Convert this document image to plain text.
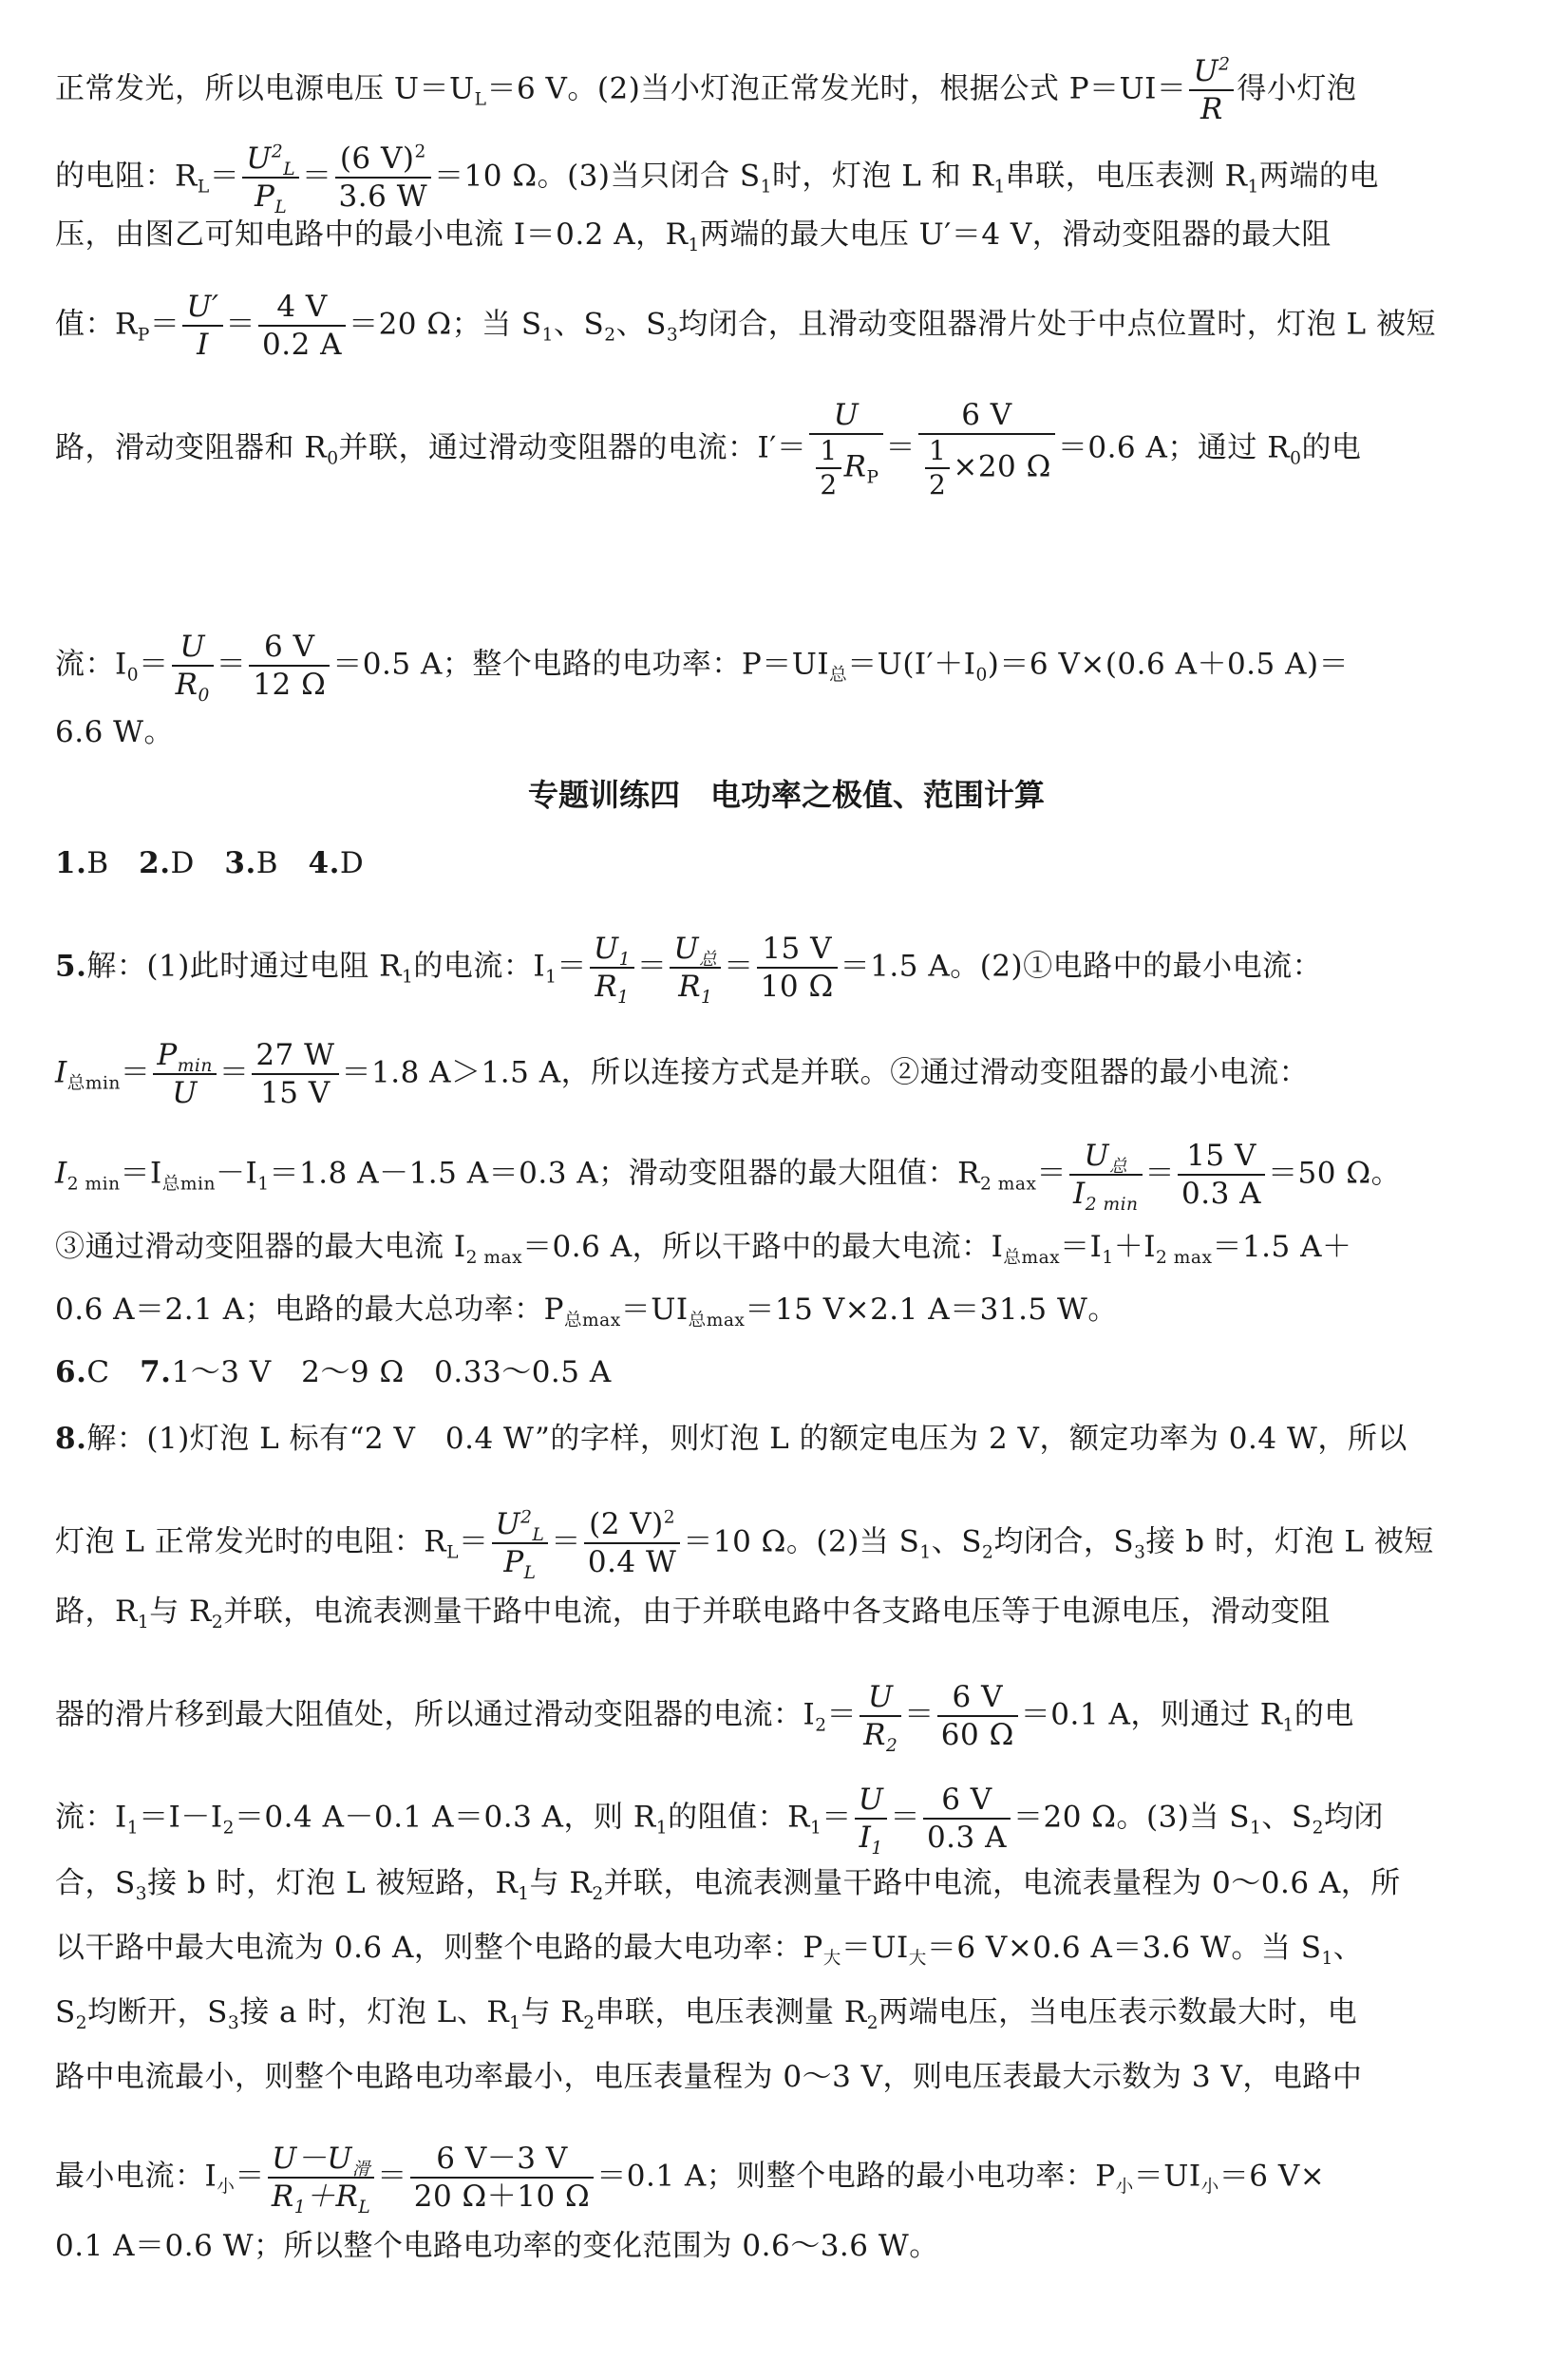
正常发光，所以电源电压 $U=U_L=6$ V。(2)当小灯泡正常发光时，根据公式 $P=UI= \frac{U^2}{R}$ 得小灯泡
的电阻：$R_L= \frac{U^2_L}{P_L} = \frac{(6 V)^2}{3.6 W} =10$ Ω。(3)当只闭合 $S_1$时，灯泡 L 和 $R_1$串联，电压表测 $R_1$两端的电
压，由图乙可知电路中的最小电流 I＝0.2 A，$R_1$两端的最大电压 U′＝4 V，滑动变阻器的最大阻
值：$R_P= \frac{U'}{I} = \frac{4 V}{0.2 A} =20$ Ω；当 $S_1$、$S_2$、$S_3$均闭合，且滑动变阻器滑片处于中点位置时，灯泡 L 被短
路，滑动变阻器和 $R_0$并联，通过滑动变阻器的电流：$I'= \frac{U}{\frac{1}{2} R_P} = \frac{6 V}{\frac{1}{2} \times 20 \Omega} =0.6$ A；通过 $R_0$的电
流：$I_0= \frac{U}{R_0} = \frac{6 V}{12 \Omega} =0.5$ A；整个电路的电功率：$P=UI_总=U(I'+I_0)=6$ V×(0.6 A＋0.5 A)＝
6.6 W。
专题训练四　电功率之极值、范围计算
1.B　 2.D　 3.B　 4.D
5.解：(1)此时通过电阻 $R_1$的电流：$I_1= \frac{U_1}{R_1}$ ＝
$U_总$
$R_1$
＝ $\frac{15 V}{10 \Omega} =1.5$ A。(2)①电路中的最小电流：
$I_{总min}=$
$P_{min}$
U
＝ $\frac{27 W}{15 V} =1.8$ A＞1.5 A，所以连接方式是并联。②通过滑动变阻器的最小电流：
$I_{2 min}=I_{总min}-I_1=1.8$ A－1.5 A＝0.3 A；滑动变阻器的最大阻值：$R_{2 max}=$
$U_总$
$I_{2 min}$
＝ $\frac{15 V}{0.3 A} =50$ Ω。
③通过滑动变阻器的最大电流 $I_{2 max}=0.6$ A，所以干路中的最大电流：$I_{总max}=I_1+I_{2 max}=1.5$ A＋
0.6 A＝2.1 A；电路的最大总功率：$P_{总max}=UI_{总max}=15$ V×2.1 A＝31.5 W。
6.C　 7.1～3 V　2～9 Ω　0.33～0.5 A
8.解：(1)灯泡 L 标有“2 V　0.4 W”的字样，则灯泡 L 的额定电压为 2 V，额定功率为 0.4 W，所以
灯泡 L 正常发光时的电阻：$R_L= \frac{U^2_L}{P_L} = \frac{(2 V)^2}{0.4 W} =10$ Ω。(2)当 $S_1$、$S_2$均闭合，$S_3$接 b 时，灯泡 L 被短
路，$R_1$与 $R_2$并联，电流表测量干路中电流，由于并联电路中各支路电压等于电源电压，滑动变阻
器的滑片移到最大阻值处，所以通过滑动变阻器的电流：$I_2= \frac{U}{R_2} = \frac{6 V}{60 \Omega} =0.1$ A，则通过 $R_1$的电
流：$I_1=I-I_2=0.4$ A－0.1 A＝0.3 A，则 $R_1$的阻值：$R_1= \frac{U}{I_1} = \frac{6 V}{0.3 A} =20$ Ω。(3)当 $S_1$、$S_2$均闭
合，$S_3$接 b 时，灯泡 L 被短路，$R_1$与 $R_2$并联，电流表测量干路中电流，电流表量程为 0～0.6 A，所
以干路中最大电流为 0.6 A，则整个电路的最大电功率：$P_大=UI_大=6$ V×0.6 A＝3.6 W。当 $S_1$、
$S_2$均断开，$S_3$接 a 时，灯泡 L、$R_1$与 $R_2$串联，电压表测量 $R_2$两端电压，当电压表示数最大时，电
路中电流最小，则整个电路电功率最小，电压表量程为 0～3 V，则电压表最大示数为 3 V，电路中
最小电流：$I_小=$
$U-U_滑$
$R_1+R_L$
＝ $\frac{6 V-3 V}{20 \Omega+10 \Omega} =0.1$ A；则整个电路的最小电功率：$P_小=UI_小=6$ V×
0.1 A＝0.6 W；所以整个电路电功率的变化范围为 0.6～3.6 W。
